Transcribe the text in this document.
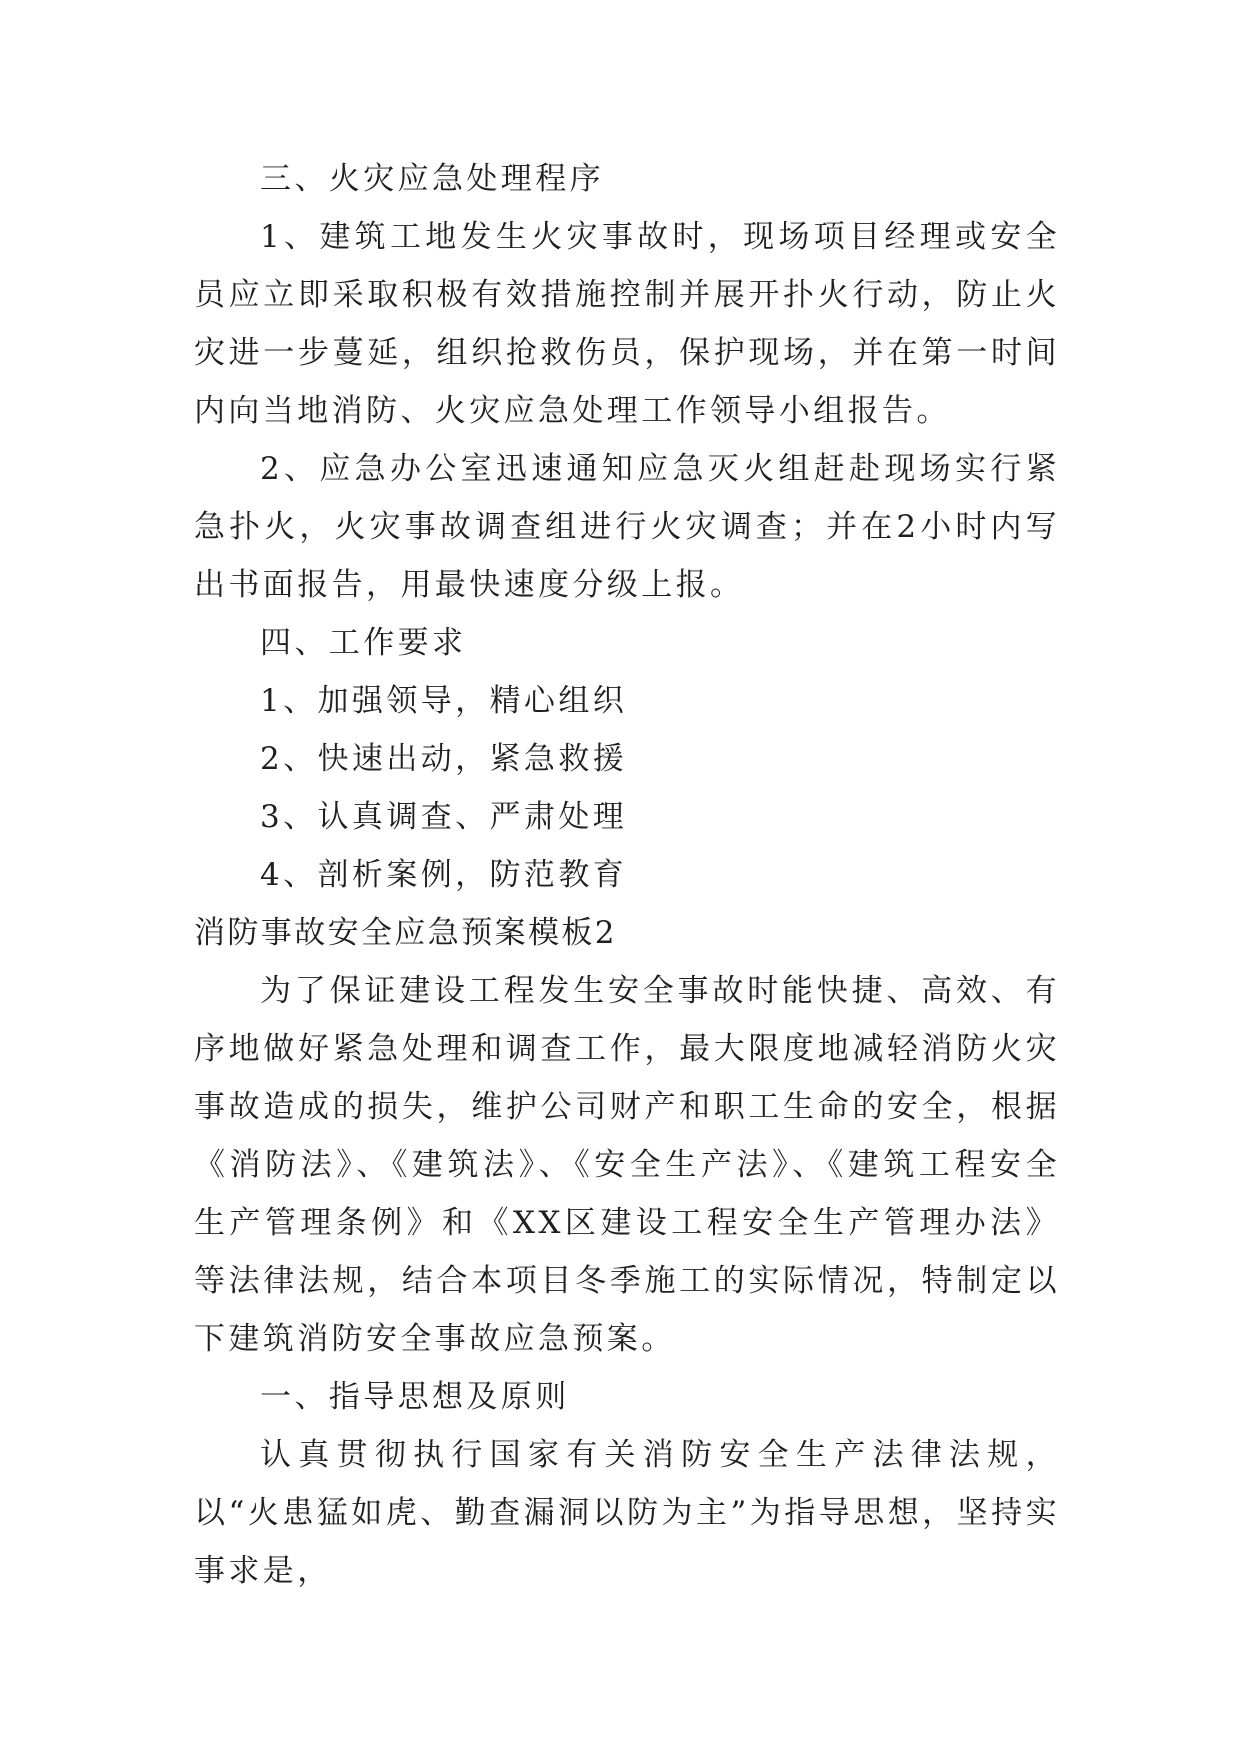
三、火灾应急处理程序

1、建筑工地发生火灾事故时，现场项目经理或安全员应立即采取积极有效措施控制并展开扑火行动，防止火灾进一步蔓延，组织抢救伤员，保护现场，并在第一时间内向当地消防、火灾应急处理工作领导小组报告。

2、应急办公室迅速通知应急灭火组赶赴现场实行紧急扑火，火灾事故调查组进行火灾调查；并在2小时内写出书面报告，用最快速度分级上报。

四、工作要求

1、加强领导，精心组织

2、快速出动，紧急救援

3、认真调查、严肃处理

4、剖析案例，防范教育

消防事故安全应急预案模板2

为了保证建设工程发生安全事故时能快捷、高效、有序地做好紧急处理和调查工作，最大限度地减轻消防火灾事故造成的损失，维护公司财产和职工生命的安全，根据《消防法》、《建筑法》、《安全生产法》、《建筑工程安全生产管理条例》和《XX区建设工程安全生产管理办法》等法律法规，结合本项目冬季施工的实际情况，特制定以下建筑消防安全事故应急预案。

一、指导思想及原则

认真贯彻执行国家有关消防安全生产法律法规，以“火患猛如虎、勤查漏洞以防为主”为指导思想，坚持实事求是，
